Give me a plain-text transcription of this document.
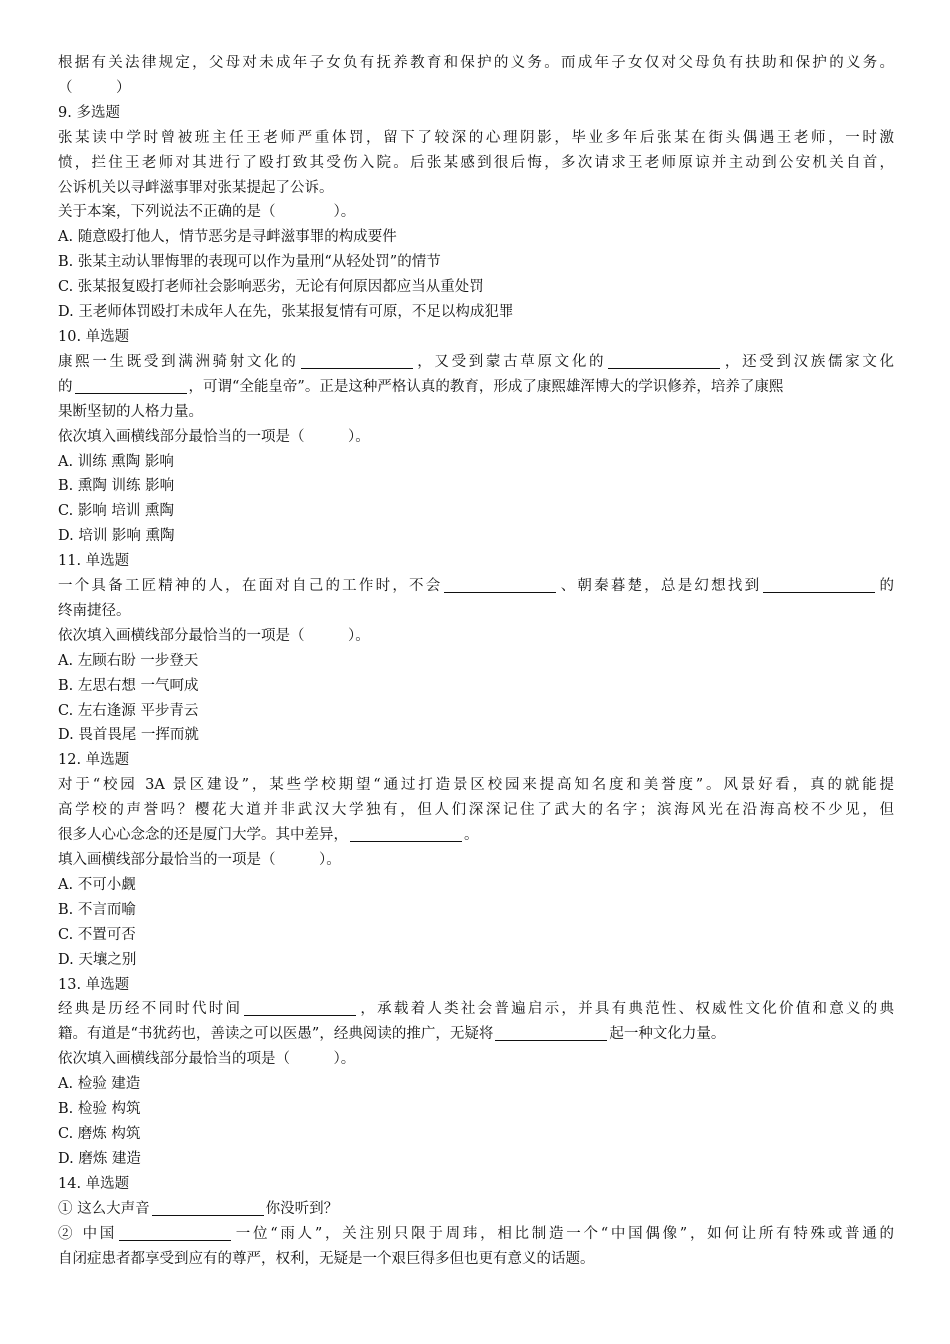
根据有关法律规定，父母对未成年子女负有抚养教育和保护的义务。而成年子女仅对父母负有扶助和保护的义务。
（　　　）
9. 多选题
张某读中学时曾被班主任王老师严重体罚，留下了较深的心理阴影，毕业多年后张某在街头偶遇王老师，一时激
愤，拦住王老师对其进行了殴打致其受伤入院。后张某感到很后悔，多次请求王老师原谅并主动到公安机关自首，
公诉机关以寻衅滋事罪对张某提起了公诉。
关于本案，下列说法不正确的是（　　　　）。
A. 随意殴打他人，情节恶劣是寻衅滋事罪的构成要件
B. 张某主动认罪悔罪的表现可以作为量刑“从轻处罚”的情节
C. 张某报复殴打老师社会影响恶劣，无论有何原因都应当从重处罚
D. 王老师体罚殴打未成年人在先，张某报复情有可原，不足以构成犯罪
10. 单选题
康熙一生既受到满洲骑射文化的	，又受到蒙古草原文化的	，还受到汉族儒家文化
的	，可谓“全能皇帝”。正是这种严格认真的教育，形成了康熙雄浑博大的学识修养，培养了康熙
果断坚韧的人格力量。
依次填入画横线部分最恰当的一项是（　　　）。
A. 训练 熏陶 影响
B. 熏陶 训练 影响
C. 影响 培训 熏陶
D. 培训 影响 熏陶
11. 单选题
一个具备工匠精神的人，在面对自己的工作时，不会	、朝秦暮楚，总是幻想找到	的
终南捷径。
依次填入画横线部分最恰当的一项是（　　　）。
A. 左顾右盼 一步登天
B. 左思右想 一气呵成
C. 左右逢源 平步青云
D. 畏首畏尾 一挥而就
12. 单选题
对于“校园 3A 景区建设”，某些学校期望“通过打造景区校园来提高知名度和美誉度”。风景好看，真的就能提
高学校的声誉吗？樱花大道并非武汉大学独有，但人们深深记住了武大的名字；滨海风光在沿海高校不少见，但
很多人心心念念的还是厦门大学。其中差异，	。
填入画横线部分最恰当的一项是（　　　）。
A. 不可小觑
B. 不言而喻
C. 不置可否
D. 天壤之别
13. 单选题
经典是历经不同时代时间	，承载着人类社会普遍启示，并具有典范性、权威性文化价值和意义的典
籍。有道是“书犹药也，善读之可以医愚”，经典阅读的推广，无疑将	起一种文化力量。
依次填入画横线部分最恰当的项是（　　　）。
A. 检验 建造
B. 检验 构筑
C. 磨炼 构筑
D. 磨炼 建造
14. 单选题
① 这么大声音	你没听到？
② 中国	一位“雨人”，关注别只限于周玮，相比制造一个“中国偶像”，如何让所有特殊或普通的
自闭症患者都享受到应有的尊严，权利，无疑是一个艰巨得多但也更有意义的话题。
